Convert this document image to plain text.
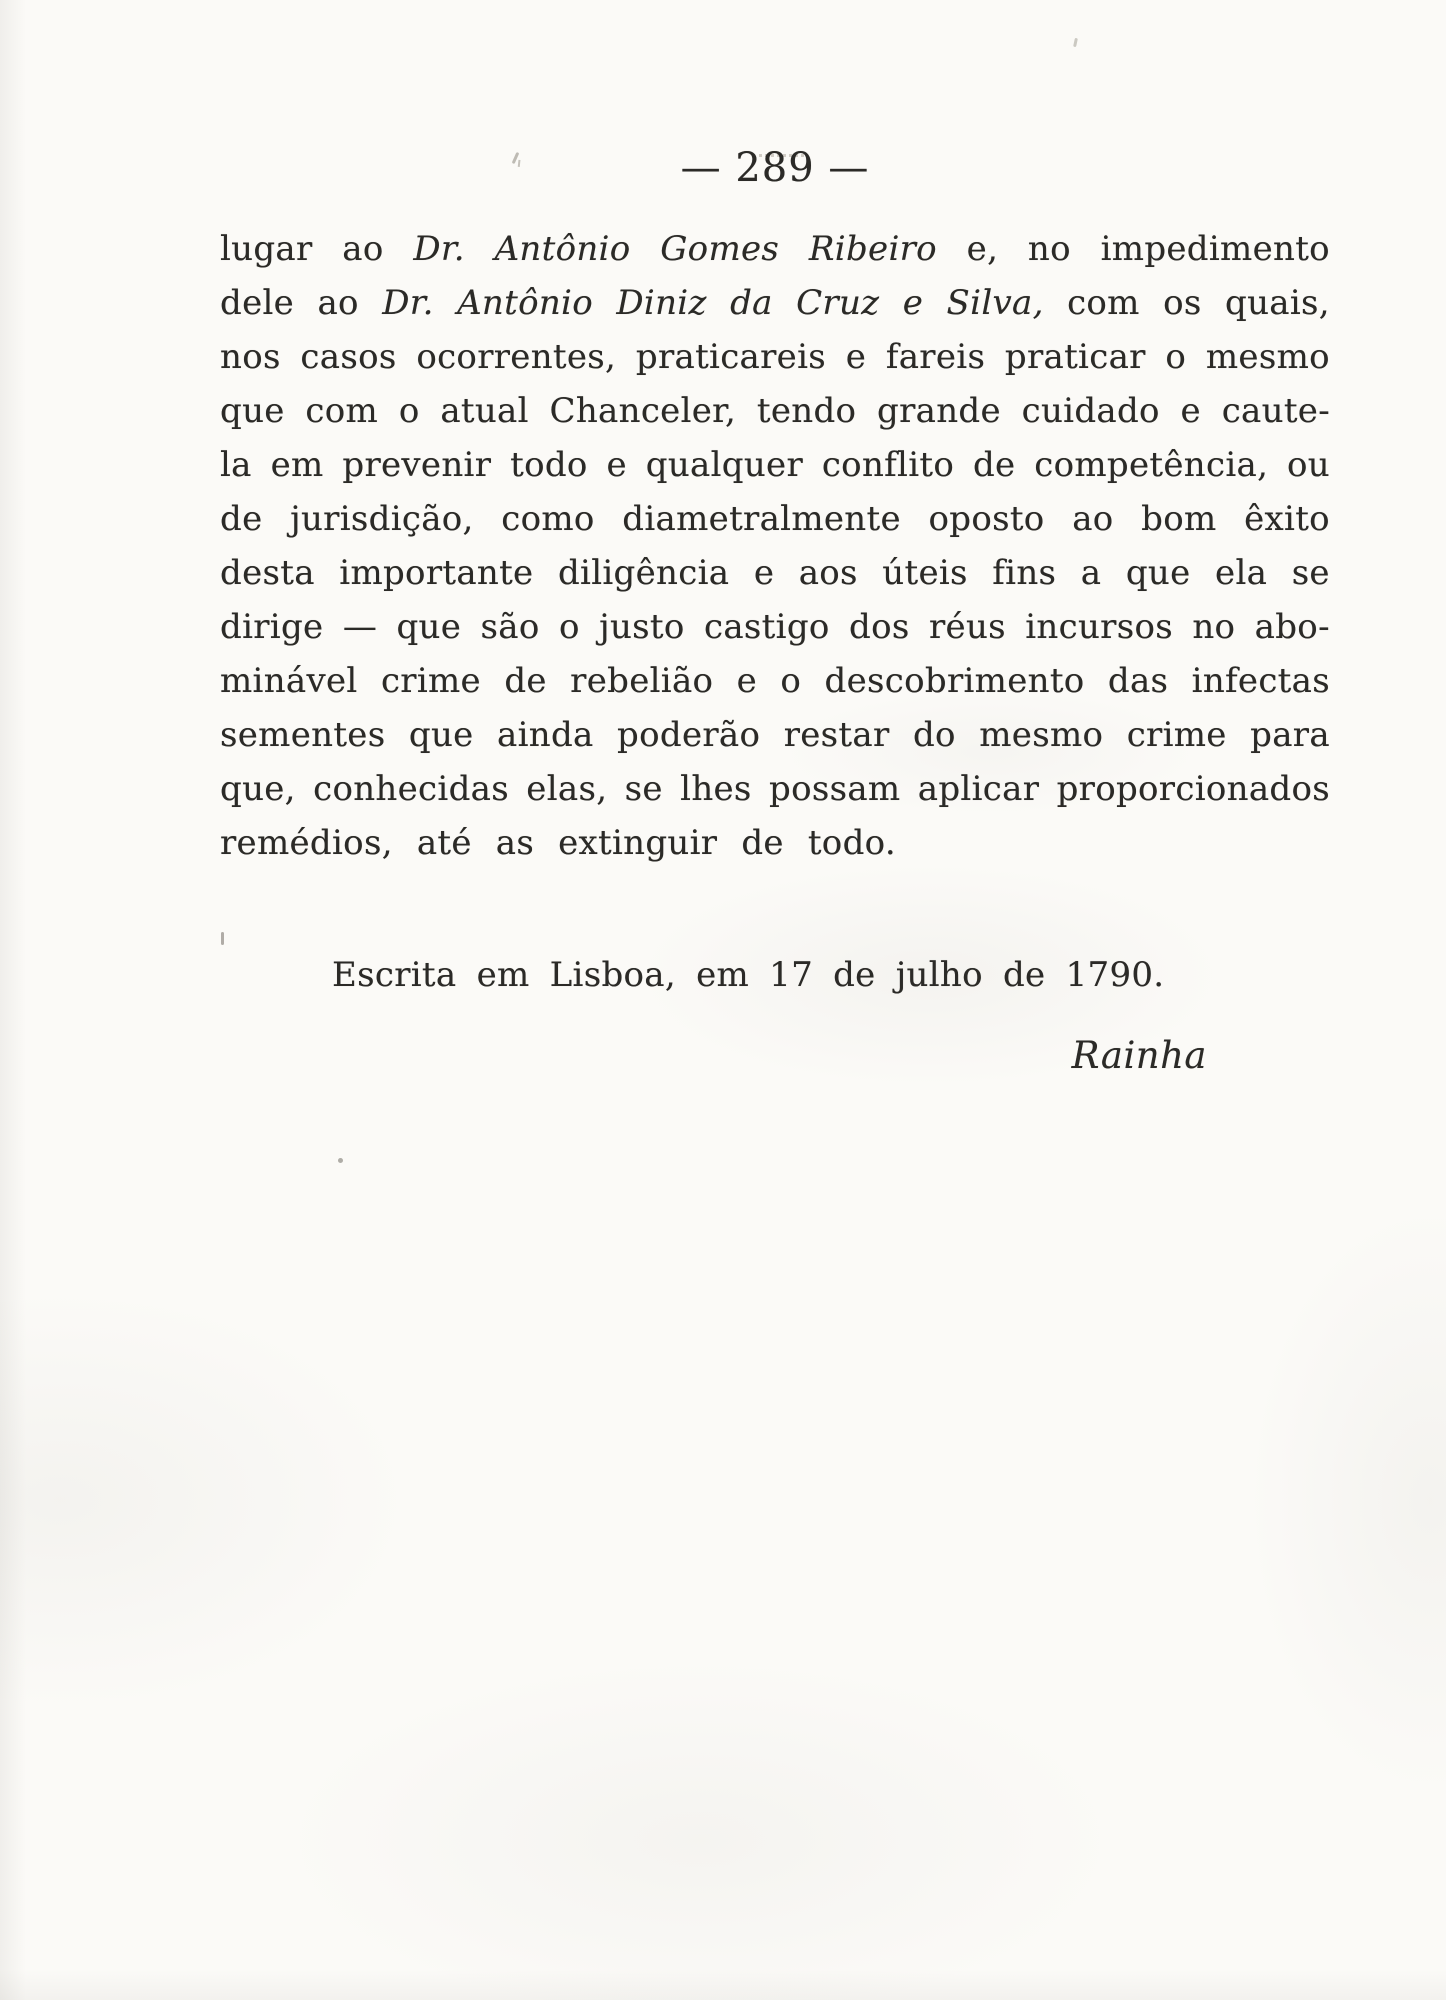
— 289 —
lugar ao Dr. Antônio Gomes Ribeiro e, no impedimento
dele ao Dr. Antônio Diniz da Cruz e Silva, com os quais,
nos casos ocorrentes, praticareis e fareis praticar o mesmo
que com o atual Chanceler, tendo grande cuidado e caute-
la em prevenir todo e qualquer conflito de competência, ou
de jurisdição, como diametralmente oposto ao bom êxito
desta importante diligência e aos úteis fins a que ela se
dirige — que são o justo castigo dos réus incursos no abo-
minável crime de rebelião e o descobrimento das infectas
sementes que ainda poderão restar do mesmo crime para
que, conhecidas elas, se lhes possam aplicar proporcionados
remédios, até as extinguir de todo.
Escrita em Lisboa, em 17 de julho de 1790.
Rainha
